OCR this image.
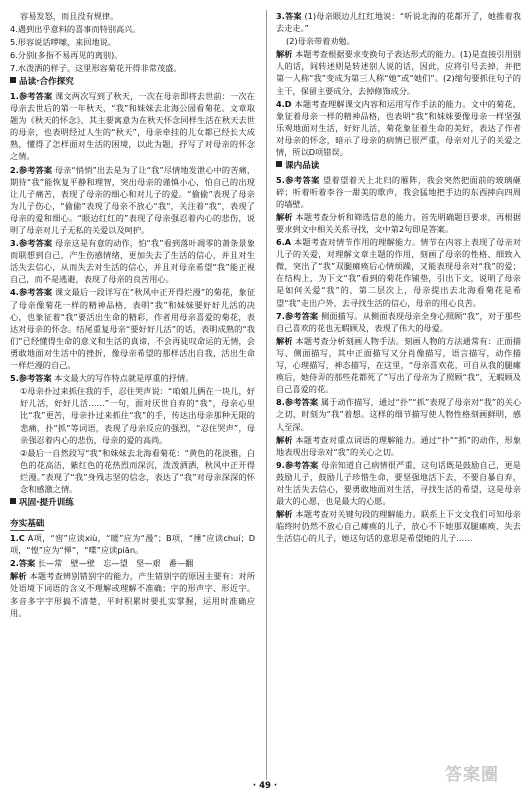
容易发怒，而且没有规律。

4.遇到出乎意料的喜事而特别高兴。

5.形容说话啰嗦，来回地说。

6.分别(多指不易再见的离别)。

7.水泼洒的样子。这里形容菊花开得非常茂盛。

品读·合作探究

1.参考答案 课文两次写到了秋天，一次在母亲即将去世前：一次在母亲去世后的第一年秋天，“我”和妹妹去北海公园看菊花。文章取题为《秋天的怀念》，其主要寓意为在秋天怀念同样生活在秋天去世的母亲，也表明经过人生的“秋天”，母亲牵挂的儿女都已经长大成熟，懂得了怎样面对生活的困境，以此为题，抒写了对母亲的怀念之情。

2.参考答案 母亲“悄悄”出去是为了让“我”尽情地发泄心中的苦痛，期待“我”能恢复平静和理智，突出母亲的谨慎小心，怕自己的出现让儿子痛苦，表现了母亲的细心和对儿子的爱。“偷偷”表现了母亲为儿子伤心，“偷偷”表现了母亲不放心“我”，关注着“我”，表现了母亲的爱和细心。“眼边红红的”表现了母亲强忍着内心的悲伤，说明了母亲对儿子无私的关爱以及呵护。

3.参考答案 母亲这是有意的动作，怕“我”看到落叶凋零的萧条景象而联想到自己，产生伤感情绪，更加失去了生活的信心，并且对生活失去信心，从而失去对生活的信心，并且对母亲希望“我”能正视自己，而不是逃避，表现了母亲的良苦用心。

4.参考答案 课文最后一段详写在“秋风中正开得烂漫”的菊花，象征了母亲像菊花一样的精神品格，表明“我”和妹妹要好好儿活的决心，也象征着“我”要活出生命的精彩，作者用母亲喜爱的菊花，表达对母亲的怀念。结尾重复母亲“要好好儿活”的话，表明成熟的“我们”已经懂得生命的意义和生活的真谛，不会再徒叹命运的无情，会勇敢地面对生活中的挫折，像母亲希望的那样活出自我，活出生命一样烂漫的自己。

5.参考答案 本文最大的写作特点就是厚重的抒情。

①母亲扑过来抓住我的手，忍住哭声说：“咱娘儿俩在一块儿，好好儿活，好好儿活……”一句，面对厌世自弃的“我”，母亲心里比“我”更苦，母亲扑过来抓住“我”的手，传达出母亲那种无限的悲痛，扑“抓”等词语，表现了母亲反应的强烈，“忍住哭声”，母亲强忍着内心的悲伤，母亲的爱的高尚。

②最后一自然段写“我”和妹妹去北海看菊花：“黄色的花淡雅，白色的花高洁，紫红色的花热烈而深沉，泼泼洒洒，秋风中正开得烂漫。”表现了“我”身残志坚的信念，表达了“我”对母亲深深的怀念和感激之情。

巩固·提升训练
夯实基础

1.C A项，“窖”应读xiù，“暖”应为“漫”；B项，“捶”应读chuí；D项，“惶”应为“惮”，“喋”应读piān。

2.答案 长—常　壁—壁　忘—望　坚—艰　番—翻

解析 本题考查辨别错别字的能力，产生错别字的原因主要有：对所处语境下词语的含义不理解或理解不准确；字的形声字、形近字。多音多字字形搞不清楚，平时积累时要扎实掌握，运用时准确应用。

3.答案 (1)母亲眼边儿红红地说：“听说北海的花都开了，她推着我去走走。”

(2)母亲带着劝勉。

解析 本题考查根据要求变换句子表达形式的能力。(1)是直接引用别人的话，间转述则是转述别人说的话，因此，应将引号去掉，并把第一人称“我”变成为第三人称“她”或“她们”。(2)缩句要抓住句子的主干，保留主要成分，去掉修饰成分。

4.D 本题考查理解课文内容和运用写作手法的能力。文中的菊花，象征着母亲一样的精神品格，也表明“我”和妹妹要像母亲一样坚强乐观地面对生活，好好儿活，菊花象征着生命的美好，表达了作者对母亲的怀念，暗示了母亲的病情已很严重，母亲对儿子的关爱之情，所以D项错误。

课内品读

5.参考答案 望着望着天上北归的雁阵，我会突然把面前的玻璃砸碎；听着听着李谷一甜美的歌声，我会猛地把手边的东西摔向四周的墙壁。

解析 本题考查分析和筛选信息的能力。首先明确题目要求，再根据要求到文中相关关系寻找，文中第2句即是答案。

6.A 本题考查对情节作用的理解能力。情节在内容上表现了母亲对儿子的关爱，对理解文章主题的作用，刻画了母亲的性格、细致入微，突出了“我”双腿瘫痪后心情烦躁，又能表现母亲对“我”的爱；在结构上，为下文“我”看到的菊花作铺垫，引出下文，说明了母亲是如何关爱“我”的，第二层次上，母亲提出去北海看菊花是希望“我”走出户外，去寻找生活的信心，母亲的用心良苦。

7.参考答案 侧面描写。从侧面表现母亲全身心照顾“我”，对于那些自己喜欢的花也无暇顾及，表现了伟大的母爱。

解析 本题考查分析刻画人物手法。刻画人物的方法通常有：正面描写、侧面描写，其中正面描写又分肖像描写，语言描写，动作描写，心理描写，神态描写，在这里，“母亲喜欢花，可自从我的腿瘫痪后，她侍弄的那些花都死了”写出了母亲为了照顾“我”，无暇顾及自己喜爱的花。

8.参考答案 属于动作描写，通过“扑”“抓”表现了母亲对“我”的关心之切，时刻为“我”着想。这样的细节描写使人物性格刻画鲜明，感人至深。

解析 本题考查对重点词语的理解能力。通过“扑”“抓”的动作，形象地表现出母亲对“我”的关心之切。

9.参考答案 母亲知道自己病情很严重，这句话既是鼓励自己，更是鼓励儿子，鼓励儿子珍惜生命，要坚强地活下去，不要自暴自弃，对生活失去信心，要勇敢地面对生活，寻找生活的希望，这是母亲最大的心愿，也是最大的心愿。

解析 本题考查对关键句段的理解能力。联系上下文文我们可知母亲临终时仍然不放心自己瘫痪的儿子，放心不下她那双腿瘫痪、失去生活信心的儿子，她这句话的意思是希望她的儿子……

· 49 ·
答案圈
